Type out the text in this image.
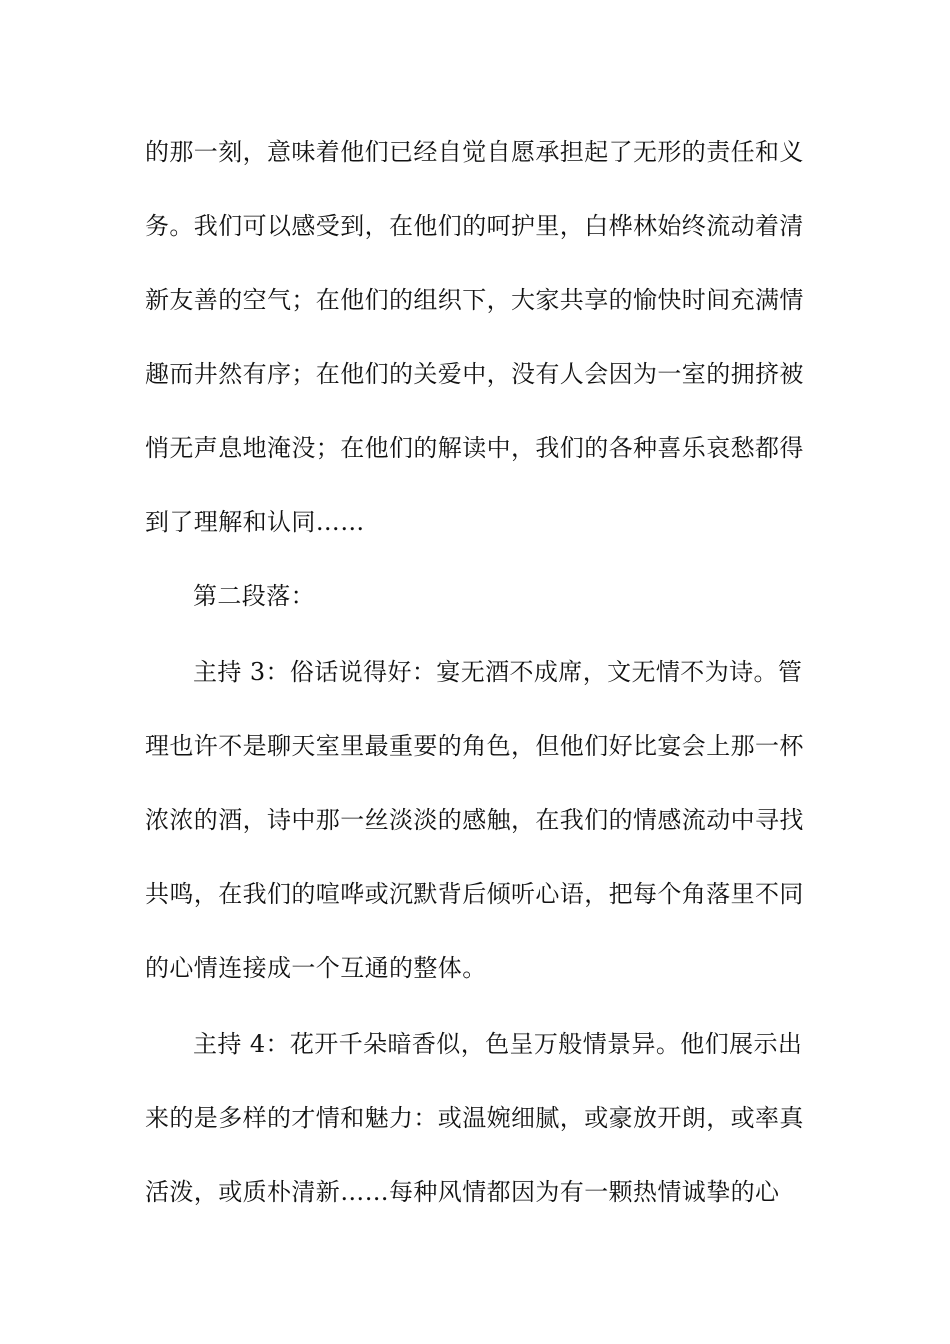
的那一刻，意味着他们已经自觉自愿承担起了无形的责任和义
务。我们可以感受到，在他们的呵护里，白桦林始终流动着清
新友善的空气；在他们的组织下，大家共享的愉快时间充满情
趣而井然有序；在他们的关爱中，没有人会因为一室的拥挤被
悄无声息地淹没；在他们的解读中，我们的各种喜乐哀愁都得
到了理解和认同……
第二段落：
主持 3：俗话说得好：宴无酒不成席，文无情不为诗。管
理也许不是聊天室里最重要的角色，但他们好比宴会上那一杯
浓浓的酒，诗中那一丝淡淡的感触，在我们的情感流动中寻找
共鸣，在我们的喧哗或沉默背后倾听心语，把每个角落里不同
的心情连接成一个互通的整体。
主持 4：花开千朵暗香似，色呈万般情景异。他们展示出
来的是多样的才情和魅力：或温婉细腻，或豪放开朗，或率真
活泼，或质朴清新……每种风情都因为有一颗热情诚挚的心
